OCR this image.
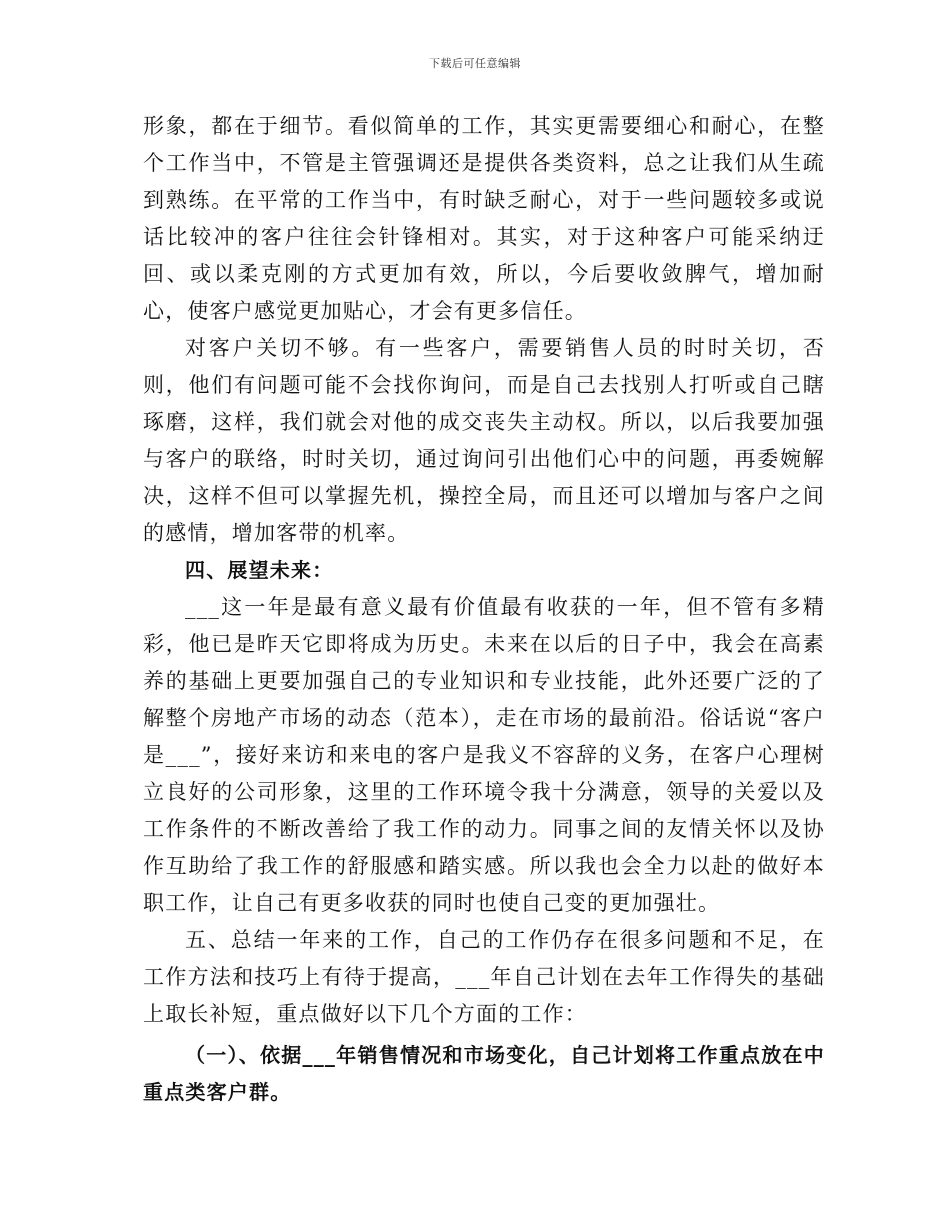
下载后可任意编辑

形象，都在于细节。看似简单的工作，其实更需要细心和耐心，在整个工作当中，不管是主管强调还是提供各类资料，总之让我们从生疏到熟练。在平常的工作当中，有时缺乏耐心，对于一些问题较多或说话比较冲的客户往往会针锋相对。其实，对于这种客户可能采纳迂回、或以柔克刚的方式更加有效，所以，今后要收敛脾气，增加耐心，使客户感觉更加贴心，才会有更多信任。

对客户关切不够。有一些客户，需要销售人员的时时关切，否则，他们有问题可能不会找你询问，而是自己去找别人打听或自己瞎琢磨，这样，我们就会对他的成交丧失主动权。所以，以后我要加强与客户的联络，时时关切，通过询问引出他们心中的问题，再委婉解决，这样不但可以掌握先机，操控全局，而且还可以增加与客户之间的感情，增加客带的机率。

四、展望未来：

___这一年是最有意义最有价值最有收获的一年，但不管有多精彩，他已是昨天它即将成为历史。未来在以后的日子中，我会在高素养的基础上更要加强自己的专业知识和专业技能，此外还要广泛的了解整个房地产市场的动态（范本），走在市场的最前沿。俗话说“客户是___”，接好来访和来电的客户是我义不容辞的义务，在客户心理树立良好的公司形象，这里的工作环境令我十分满意，领导的关爱以及工作条件的不断改善给了我工作的动力。同事之间的友情关怀以及协作互助给了我工作的舒服感和踏实感。所以我也会全力以赴的做好本职工作，让自己有更多收获的同时也使自己变的更加强壮。

五、总结一年来的工作，自己的工作仍存在很多问题和不足，在工作方法和技巧上有待于提高，___年自己计划在去年工作得失的基础上取长补短，重点做好以下几个方面的工作：

（一）、依据___年销售情况和市场变化，自己计划将工作重点放在中重点类客户群。
